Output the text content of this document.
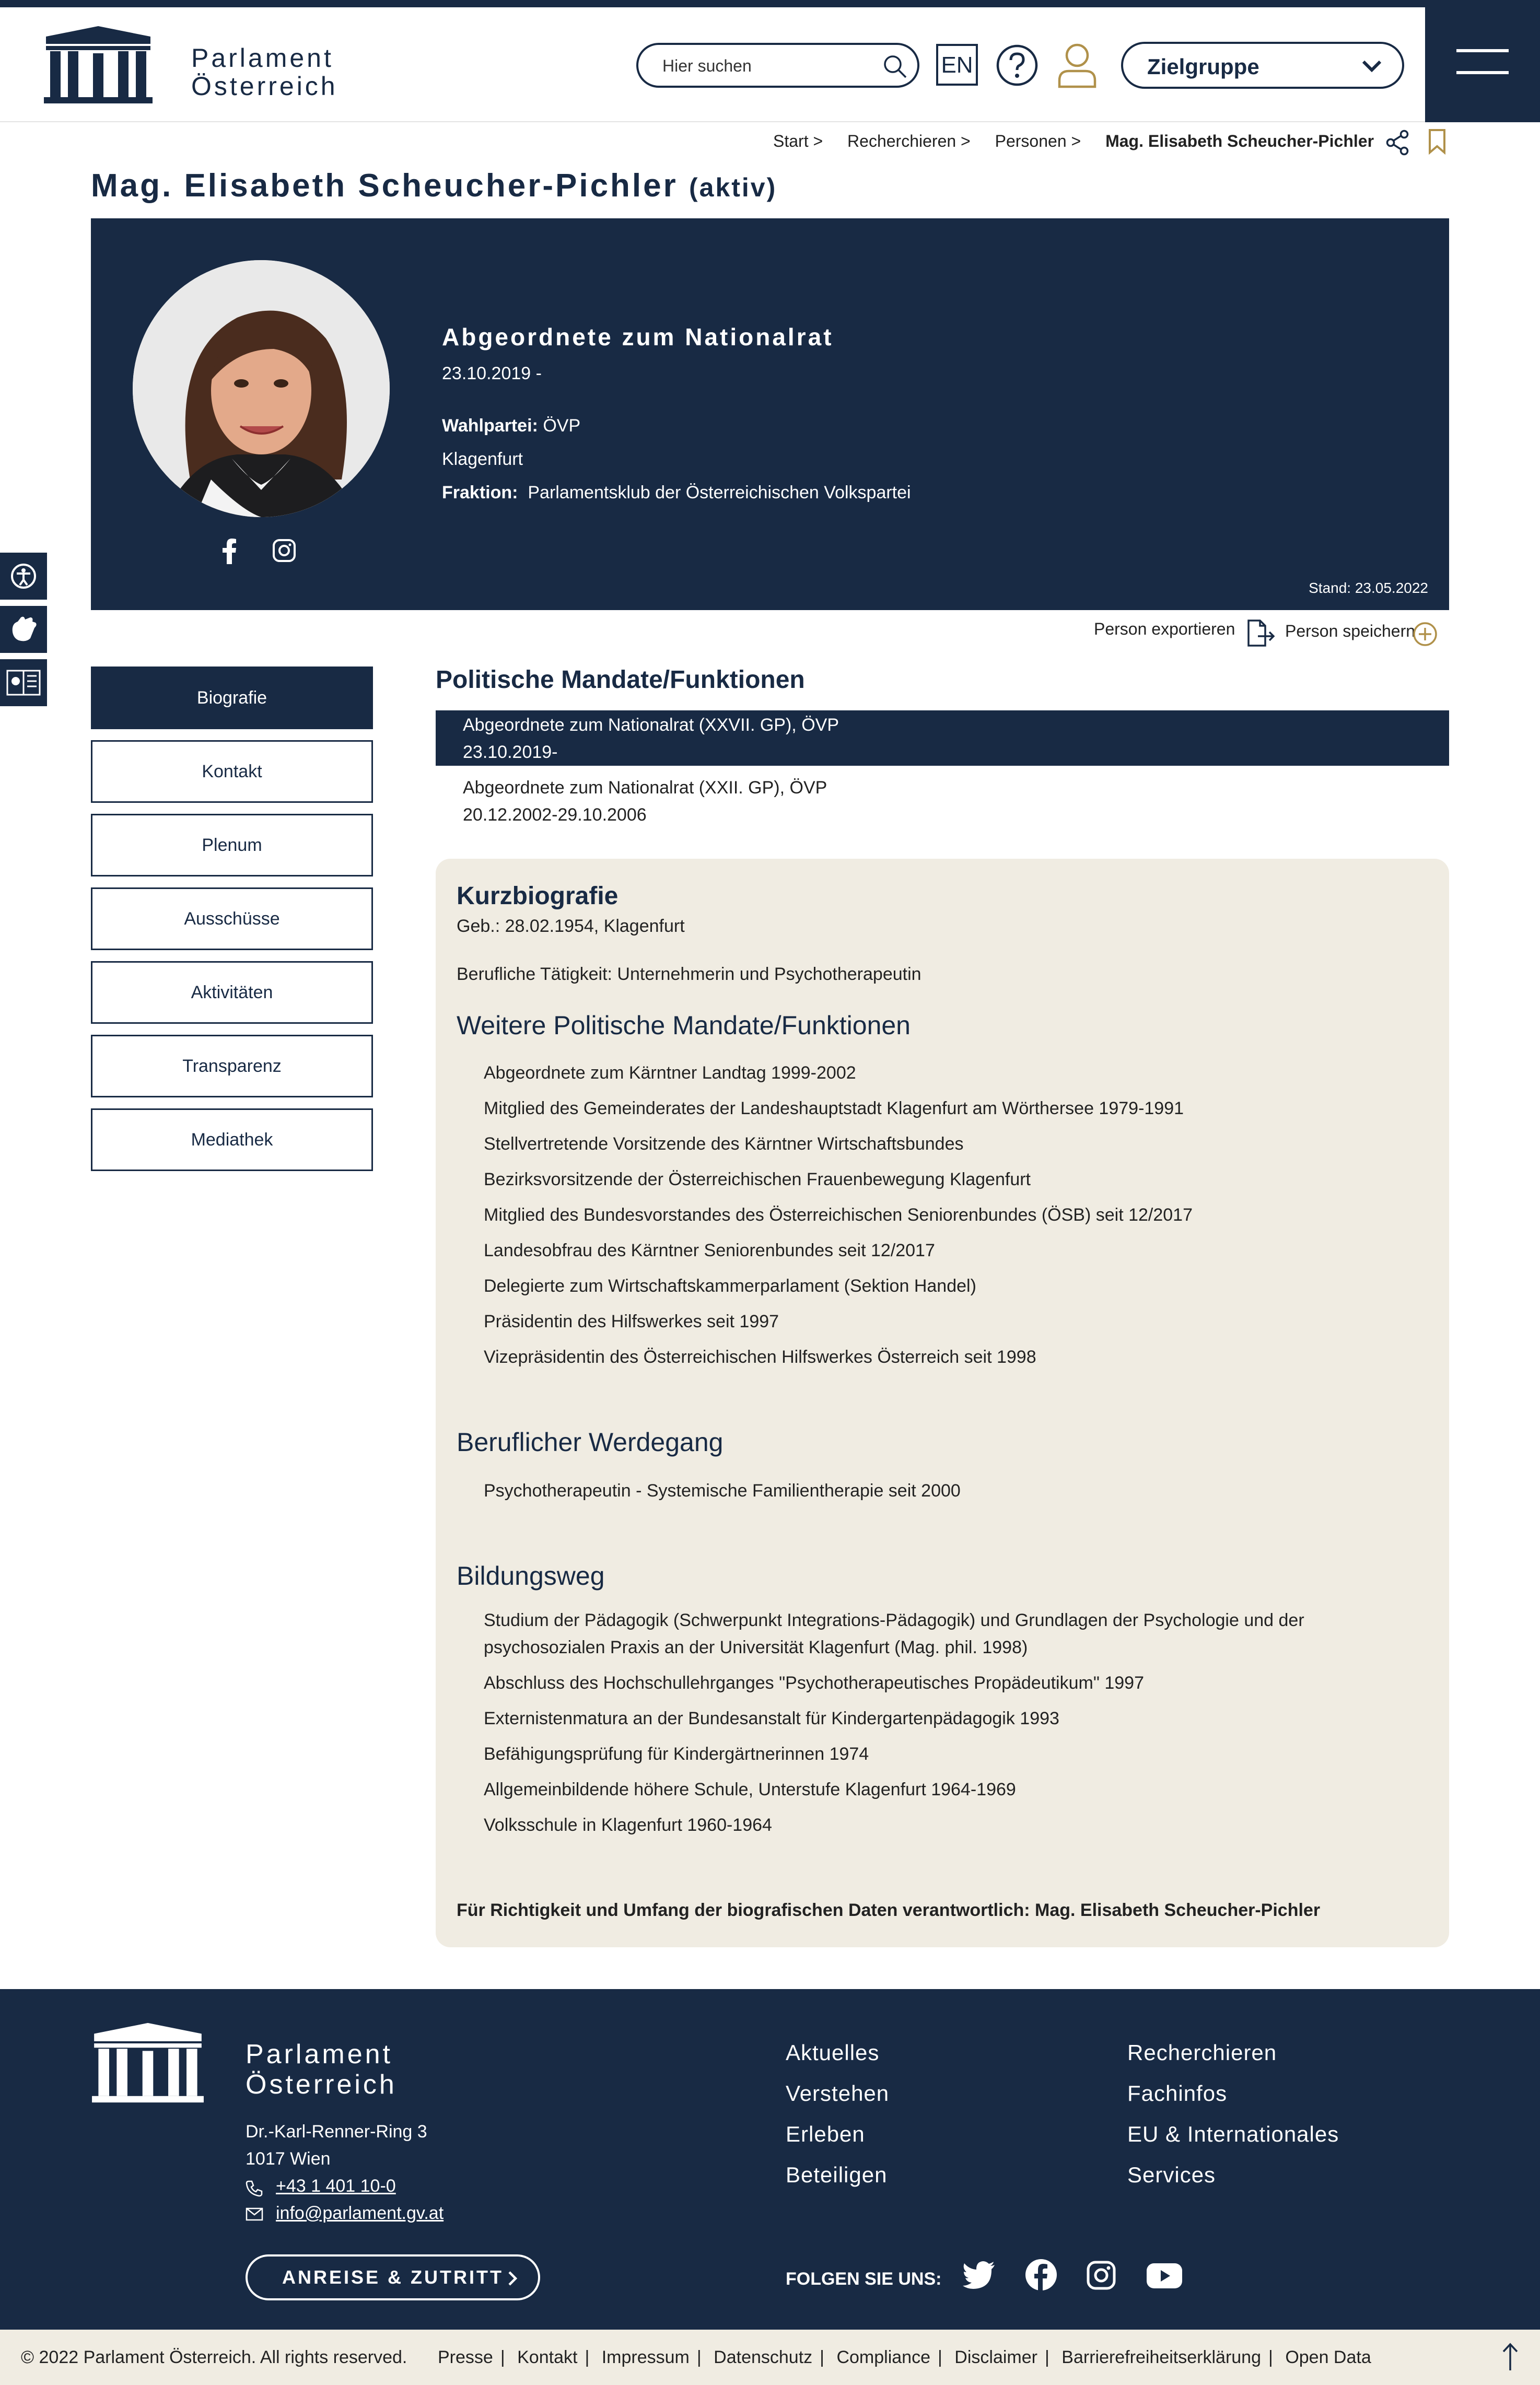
Parlament
Österreich
Hier suchen
EN	Zielgruppe
Start > Recherchieren > Personen > Mag. Elisabeth Scheucher-Pichler
Mag. Elisabeth Scheucher-Pichler (aktiv)
Abgeordnete zum Nationalrat
23.10.2019 -
Wahlpartei: ÖVP
Klagenfurt
Fraktion: Parlamentsklub der Österreichischen Volkspartei
Stand: 23.05.2022
Person exportieren	Person speichern
Biografie
Kontakt
Plenum
Ausschüsse
Aktivitäten
Transparenz
Mediathek
Politische Mandate/Funktionen
Abgeordnete zum Nationalrat (XXVII. GP), ÖVP
23.10.2019-
Abgeordnete zum Nationalrat (XXII. GP), ÖVP
20.12.2002-29.10.2006
Kurzbiografie
Geb.: 28.02.1954, Klagenfurt
Berufliche Tätigkeit: Unternehmerin und Psychotherapeutin
Weitere Politische Mandate/Funktionen
Abgeordnete zum Kärntner Landtag 1999-2002
Mitglied des Gemeinderates der Landeshauptstadt Klagenfurt am Wörthersee 1979-1991
Stellvertretende Vorsitzende des Kärntner Wirtschaftsbundes
Bezirksvorsitzende der Österreichischen Frauenbewegung Klagenfurt
Mitglied des Bundesvorstandes des Österreichischen Seniorenbundes (ÖSB) seit 12/2017
Landesobfrau des Kärntner Seniorenbundes seit 12/2017
Delegierte zum Wirtschaftskammerparlament (Sektion Handel)
Präsidentin des Hilfswerkes seit 1997
Vizepräsidentin des Österreichischen Hilfswerkes Österreich seit 1998
Beruflicher Werdegang
Psychotherapeutin - Systemische Familientherapie seit 2000
Bildungsweg
Studium der Pädagogik (Schwerpunkt Integrations-Pädagogik) und Grundlagen der Psychologie und der psychosozialen Praxis an der Universität Klagenfurt (Mag. phil. 1998)
Abschluss des Hochschullehrganges "Psychotherapeutisches Propädeutikum" 1997
Externistenmatura an der Bundesanstalt für Kindergartenpädagogik 1993
Befähigungsprüfung für Kindergärtnerinnen 1974
Allgemeinbildende höhere Schule, Unterstufe Klagenfurt 1964-1969
Volksschule in Klagenfurt 1960-1964
Für Richtigkeit und Umfang der biografischen Daten verantwortlich: Mag. Elisabeth Scheucher-Pichler
Parlament
Österreich
Dr.-Karl-Renner-Ring 3
1017 Wien
+43 1 401 10-0
info@parlament.gv.at
ANREISE & ZUTRITT
Aktuelles
Verstehen
Erleben
Beteiligen
Recherchieren
Fachinfos
EU & Internationales
Services
FOLGEN SIE UNS:
© 2022 Parlament Österreich. All rights reserved. Presse | Kontakt | Impressum | Datenschutz | Compliance | Disclaimer | Barrierefreiheitserklärung | Open Data
